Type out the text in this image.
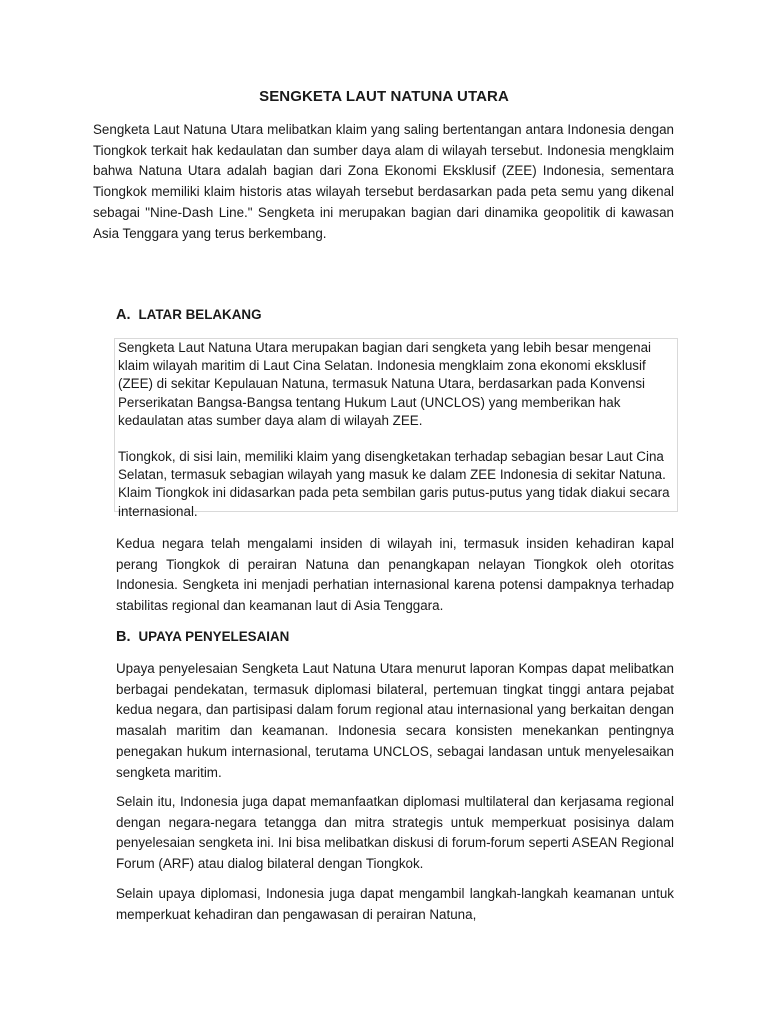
SENGKETA LAUT NATUNA UTARA

Sengketa Laut Natuna Utara melibatkan klaim yang saling bertentangan antara Indonesia dengan Tiongkok terkait hak kedaulatan dan sumber daya alam di wilayah tersebut. Indonesia mengklaim bahwa Natuna Utara adalah bagian dari Zona Ekonomi Eksklusif (ZEE) Indonesia, sementara Tiongkok memiliki klaim historis atas wilayah tersebut berdasarkan pada peta semu yang dikenal sebagai "Nine-Dash Line." Sengketa ini merupakan bagian dari dinamika geopolitik di kawasan Asia Tenggara yang terus berkembang.

A. LATAR BELAKANG

Sengketa Laut Natuna Utara merupakan bagian dari sengketa yang lebih besar mengenai klaim wilayah maritim di Laut Cina Selatan. Indonesia mengklaim zona ekonomi eksklusif (ZEE) di sekitar Kepulauan Natuna, termasuk Natuna Utara, berdasarkan pada Konvensi Perserikatan Bangsa-Bangsa tentang Hukum Laut (UNCLOS) yang memberikan hak kedaulatan atas sumber daya alam di wilayah ZEE.

Tiongkok, di sisi lain, memiliki klaim yang disengketakan terhadap sebagian besar Laut Cina Selatan, termasuk sebagian wilayah yang masuk ke dalam ZEE Indonesia di sekitar Natuna. Klaim Tiongkok ini didasarkan pada peta sembilan garis putus-putus yang tidak diakui secara internasional.

Kedua negara telah mengalami insiden di wilayah ini, termasuk insiden kehadiran kapal perang Tiongkok di perairan Natuna dan penangkapan nelayan Tiongkok oleh otoritas Indonesia. Sengketa ini menjadi perhatian internasional karena potensi dampaknya terhadap stabilitas regional dan keamanan laut di Asia Tenggara.

B. UPAYA PENYELESAIAN

Upaya penyelesaian Sengketa Laut Natuna Utara menurut laporan Kompas dapat melibatkan berbagai pendekatan, termasuk diplomasi bilateral, pertemuan tingkat tinggi antara pejabat kedua negara, dan partisipasi dalam forum regional atau internasional yang berkaitan dengan masalah maritim dan keamanan. Indonesia secara konsisten menekankan pentingnya penegakan hukum internasional, terutama UNCLOS, sebagai landasan untuk menyelesaikan sengketa maritim.

Selain itu, Indonesia juga dapat memanfaatkan diplomasi multilateral dan kerjasama regional dengan negara-negara tetangga dan mitra strategis untuk memperkuat posisinya dalam penyelesaian sengketa ini. Ini bisa melibatkan diskusi di forum-forum seperti ASEAN Regional Forum (ARF) atau dialog bilateral dengan Tiongkok.

Selain upaya diplomasi, Indonesia juga dapat mengambil langkah-langkah keamanan untuk memperkuat kehadiran dan pengawasan di perairan Natuna,
